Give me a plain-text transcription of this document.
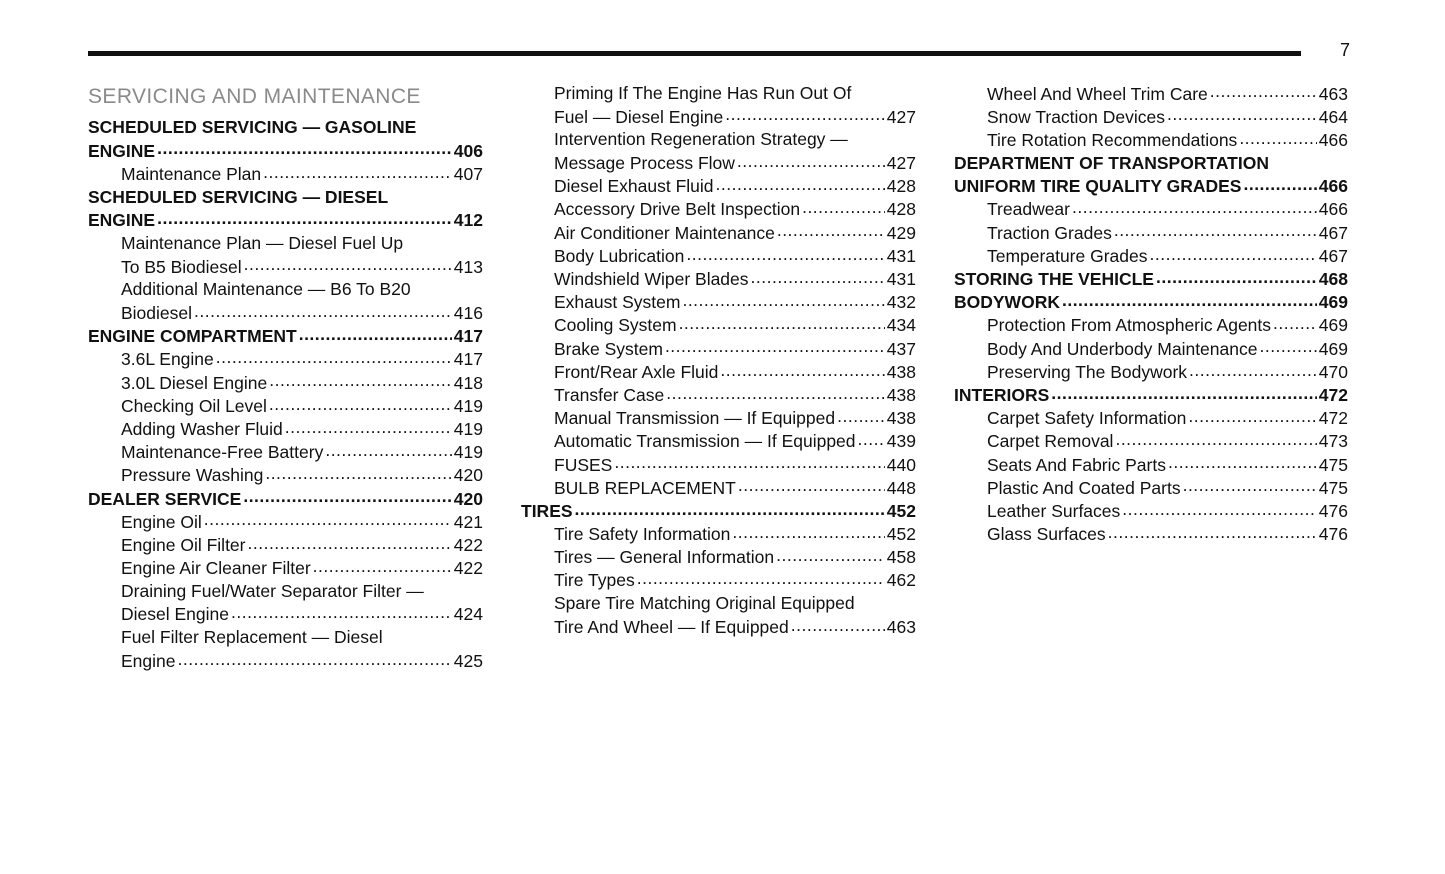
7
SERVICING AND MAINTENANCE
SCHEDULED SERVICING — GASOLINE
ENGINE .....	406
Maintenance Plan .....	407
SCHEDULED SERVICING — DIESEL
ENGINE .....	412
Maintenance Plan — Diesel Fuel Up
To B5 Biodiesel .....	413
Additional Maintenance — B6 To B20
Biodiesel .....	416
ENGINE COMPARTMENT .....	417
3.6L Engine .....	417
3.0L Diesel Engine .....	418
Checking Oil Level .....	419
Adding Washer Fluid .....	419
Maintenance-Free Battery .....	419
Pressure Washing .....	420
DEALER SERVICE .....	420
Engine Oil .....	421
Engine Oil Filter .....	422
Engine Air Cleaner Filter .....	422
Draining Fuel/Water Separator Filter —
Diesel Engine .....	424
Fuel Filter Replacement — Diesel
Engine .....	425
Priming If The Engine Has Run Out Of
Fuel — Diesel Engine .....	427
Intervention Regeneration Strategy —
Message Process Flow .....	427
Diesel Exhaust Fluid .....	428
Accessory Drive Belt Inspection .....	428
Air Conditioner Maintenance .....	429
Body Lubrication .....	431
Windshield Wiper Blades .....	431
Exhaust System .....	432
Cooling System .....	434
Brake System .....	437
Front/Rear Axle Fluid .....	438
Transfer Case .....	438
Manual Transmission — If Equipped .....	438
Automatic Transmission — If Equipped ..... 439
FUSES .....	440
BULB REPLACEMENT .....	448
TIRES .....	452
Tire Safety Information .....	452
Tires — General Information .....	458
Tire Types .....	462
Spare Tire Matching Original Equipped
Tire And Wheel — If Equipped .....	463
Wheel And Wheel Trim Care .....	463
Snow Traction Devices .....	464
Tire Rotation Recommendations .....	466
DEPARTMENT OF TRANSPORTATION
UNIFORM TIRE QUALITY GRADES .....	466
Treadwear .....	466
Traction Grades .....	467
Temperature Grades .....	467
STORING THE VEHICLE .....	468
BODYWORK .....	469
Protection From Atmospheric Agents .....	469
Body And Underbody Maintenance .....	469
Preserving The Bodywork .....	470
INTERIORS .....	472
Carpet Safety Information .....	472
Carpet Removal .....	473
Seats And Fabric Parts .....	475
Plastic And Coated Parts .....	475
Leather Surfaces .....	476
Glass Surfaces .....	476
